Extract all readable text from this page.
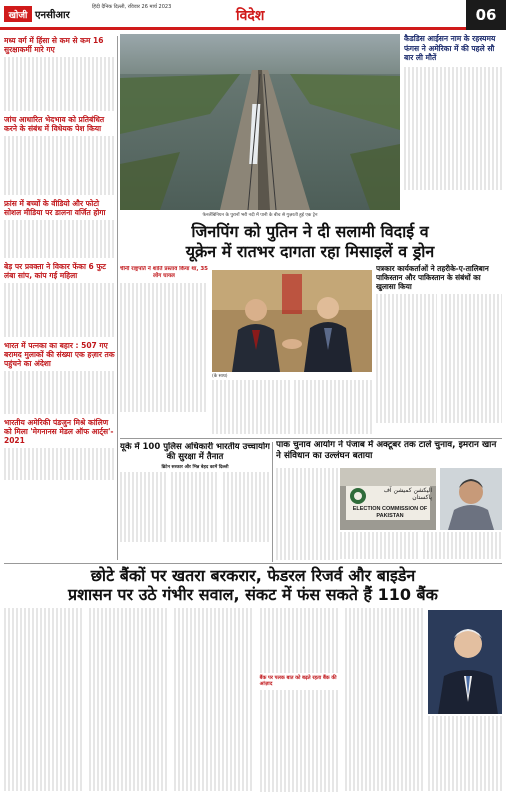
खोजी एनसीआर
हिंदी दैनिक दिल्ली, रविवार 26 मार्च 2023
विदेश	06
मध्य वर्ग में हिंसा से कम से कम 16 सुरक्षाकर्मी मारे गए
जांच आधारित भेदभाव को प्रतिबंधित करने के संबंध में विधेयक पेश किया
फ्रांस में बच्चों के वीडियो और फोटो सोशल मीडिया पर डालना वर्जित होगा
बेड़ पर प्रवक्ता ने विकार फेंका 6 फुट लंबा सांप, कांप गई महिला
भारत में पत्नका का बहार : 507 गए बरामद मुलाकों की संख्या एक हज़ार तक पहुंचने का अंदेशा
भारतीय अमेरिकी पंडजुन मिश्रे कांलिण को मिला 'मेगनानस मेडल ऑफ आर्ट्स'- 2021
फेनलेंबिनियन के पुरानों भरी नदी में पानी के बीच से गुज़रती हुई एक ट्रेन
कैडडिस आईसन नाम के रहस्यमय फंगस ने अमेरिका में की पहले सौ बार ली मौतें
जिनपिंग को पुतिन ने दी सलामी विदाई व
यूक्रेन में रातभर दागता रहा मिसाइलें व ड्रोन
चीनी राष्ट्रपति ने शांति प्रस्ताव किया था, 35 लोग घायल
(के साथ)
पत्रकार कार्यकर्ताओं ने तहरीके-ए-तालिबान पाकिस्तान और पाकिस्तान के संबंधों का खुलासा किया
यूके में 100 पुलिस अधिकारी भारतीय उच्चायोग की सुरक्षा में तैनात
ब्रिटेन सरकार और भिन्न बेहद कामें दिल्ली
पाक चुनाव आयोग ने पंजाब में अक्टूबर तक टाले चुनाव, इमरान खान ने संविधान का उल्लंघन बताया
الیکشن کمیشن آف پاکستان
ELECTION COMMISSION OF
PAKISTAN
छोटे बैंकों पर खतरा बरकरार, फेडरल रिजर्व और बाइडेन
प्रशासन पर उठे गंभीर सवाल, संकट में फंस सकते हैं 110 बैंक
बैंक पर पलक बात को बढ़ते रहता बैंक की आंज़ाद
